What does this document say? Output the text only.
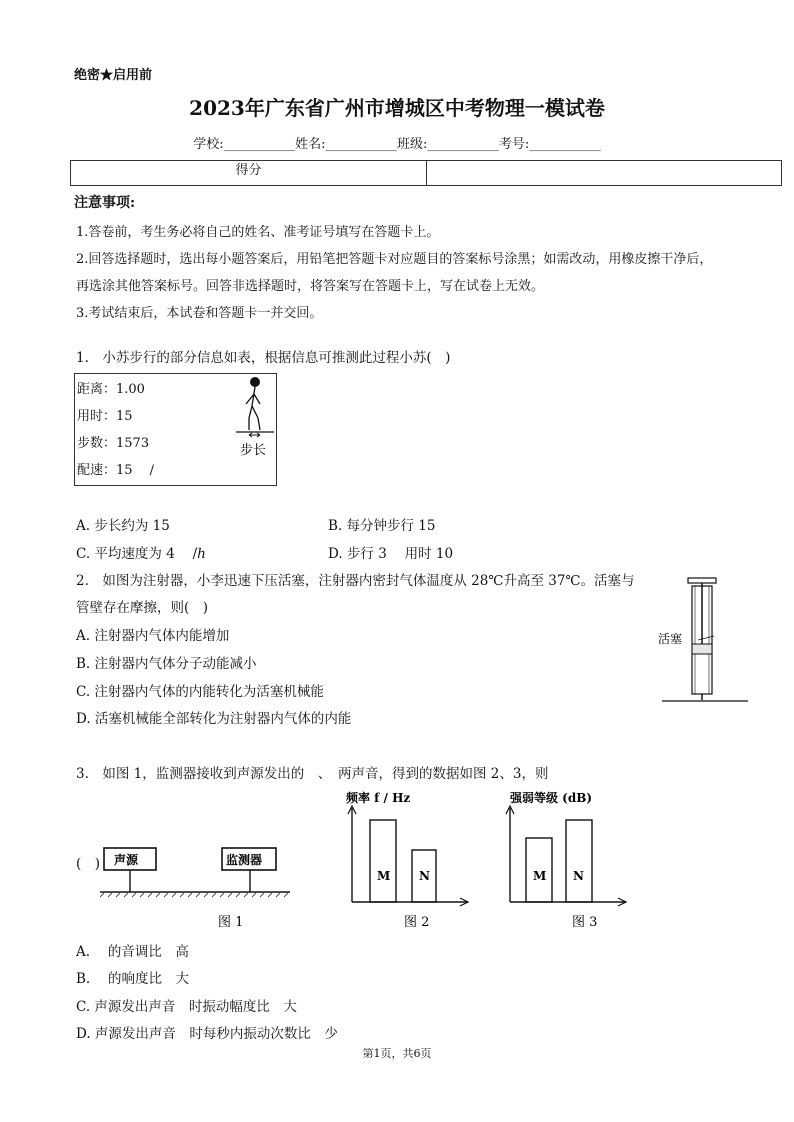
绝密★启用前
2023年广东省广州市增城区中考物理一模试卷
学校:___________姓名:___________班级:___________考号:___________
得分
注意事项:
1.答卷前，考生务必将自己的姓名、准考证号填写在答题卡上。
2.回答选择题时，选出每小题答案后，用铅笔把答题卡对应题目的答案标号涂黑；如需改动，用橡皮擦干净后，
再选涂其他答案标号。回答非选择题时，将答案写在答题卡上，写在试卷上无效。
3.考试结束后，本试卷和答题卡一并交回。
1.　小苏步行的部分信息如表，根据信息可推测此过程小苏(　)
距离：1.00
用时：15
步数：1573
配速：15　 /
步长
A. 步长约为 15	B. 每分钟步行 15
C. 平均速度为 4　 /ℎ	D. 步行 3　 用时 10
2.　如图为注射器，小李迅速下压活塞，注射器内密封气体温度从 28℃升高至 37℃。活塞与
管壁存在摩擦，则(　)
A. 注射器内气体内能增加
B. 注射器内气体分子动能减小
C. 注射器内气体的内能转化为活塞机械能
D. 活塞机械能全部转化为注射器内气体的内能
活塞
3.　如图 1，监测器接收到声源发出的　、　两声音，得到的数据如图 2、3，则
(　) 声源	监测器
图 1
频率 f / Hz
M N
图 2
强弱等级 (dB)
M N
图 3
A. 　的音调比　高
B. 　的响度比　大
C. 声源发出声音　时振动幅度比　大
D. 声源发出声音　时每秒内振动次数比　少
第1页，共6页
